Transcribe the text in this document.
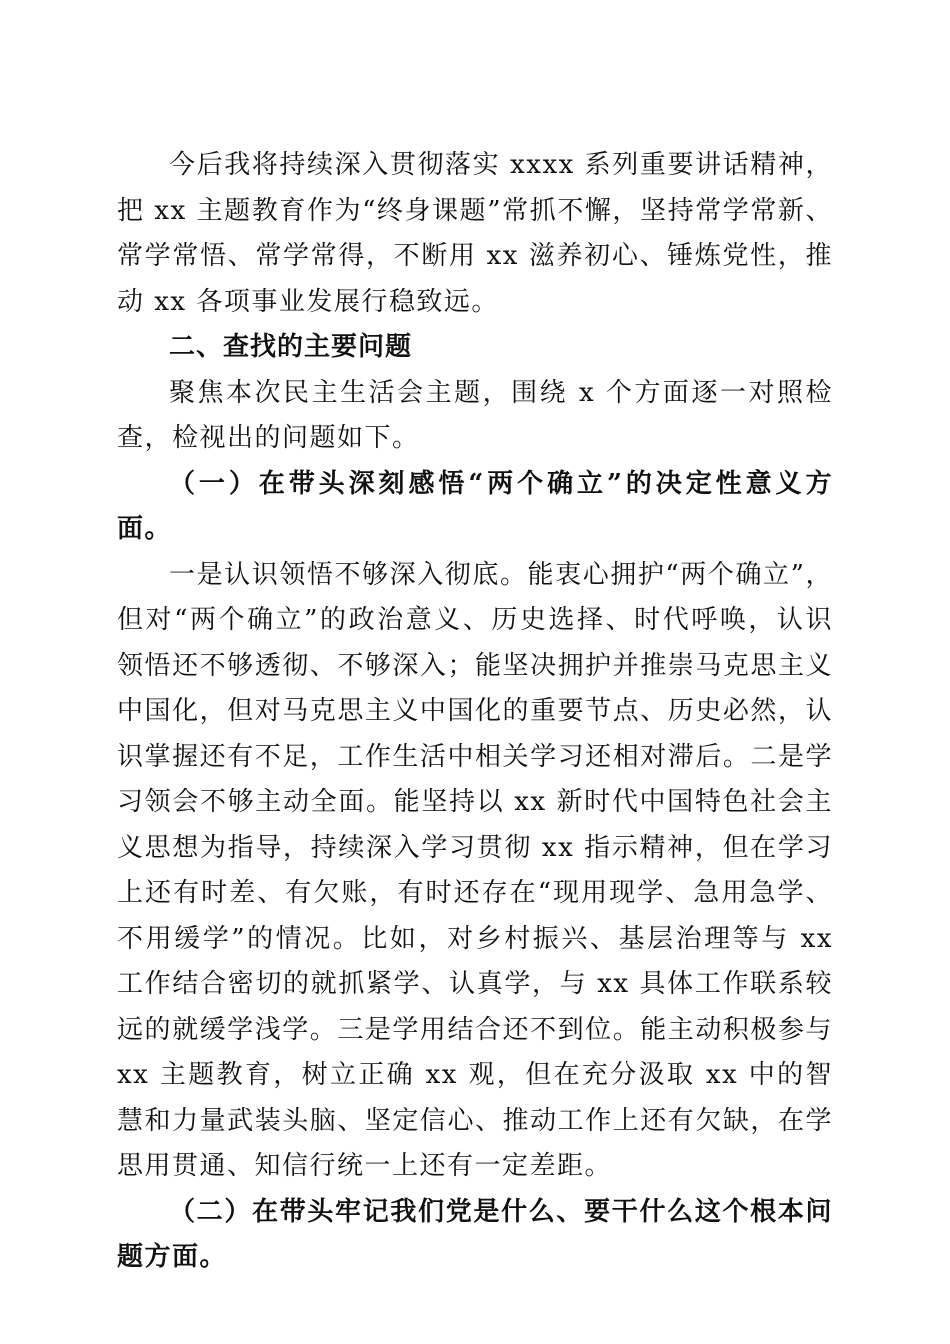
今后我将持续深入贯彻落实 xxxx 系列重要讲话精神，把 xx 主题教育作为“终身课题”常抓不懈，坚持常学常新、常学常悟、常学常得，不断用 xx 滋养初心、锤炼党性，推动 xx 各项事业发展行稳致远。

二、查找的主要问题

聚焦本次民主生活会主题，围绕 x 个方面逐一对照检查，检视出的问题如下。

（一）在带头深刻感悟“两个确立”的决定性意义方面。

一是认识领悟不够深入彻底。能衷心拥护“两个确立”，但对“两个确立”的政治意义、历史选择、时代呼唤，认识领悟还不够透彻、不够深入；能坚决拥护并推崇马克思主义中国化，但对马克思主义中国化的重要节点、历史必然，认识掌握还有不足，工作生活中相关学习还相对滞后。二是学习领会不够主动全面。能坚持以 xx 新时代中国特色社会主义思想为指导，持续深入学习贯彻 xx 指示精神，但在学习上还有时差、有欠账，有时还存在“现用现学、急用急学、不用缓学”的情况。比如，对乡村振兴、基层治理等与 xx 工作结合密切的就抓紧学、认真学，与 xx 具体工作联系较远的就缓学浅学。三是学用结合还不到位。能主动积极参与 xx 主题教育，树立正确 xx 观，但在充分汲取 xx 中的智慧和力量武装头脑、坚定信心、推动工作上还有欠缺，在学思用贯通、知信行统一上还有一定差距。

（二）在带头牢记我们党是什么、要干什么这个根本问题方面。
